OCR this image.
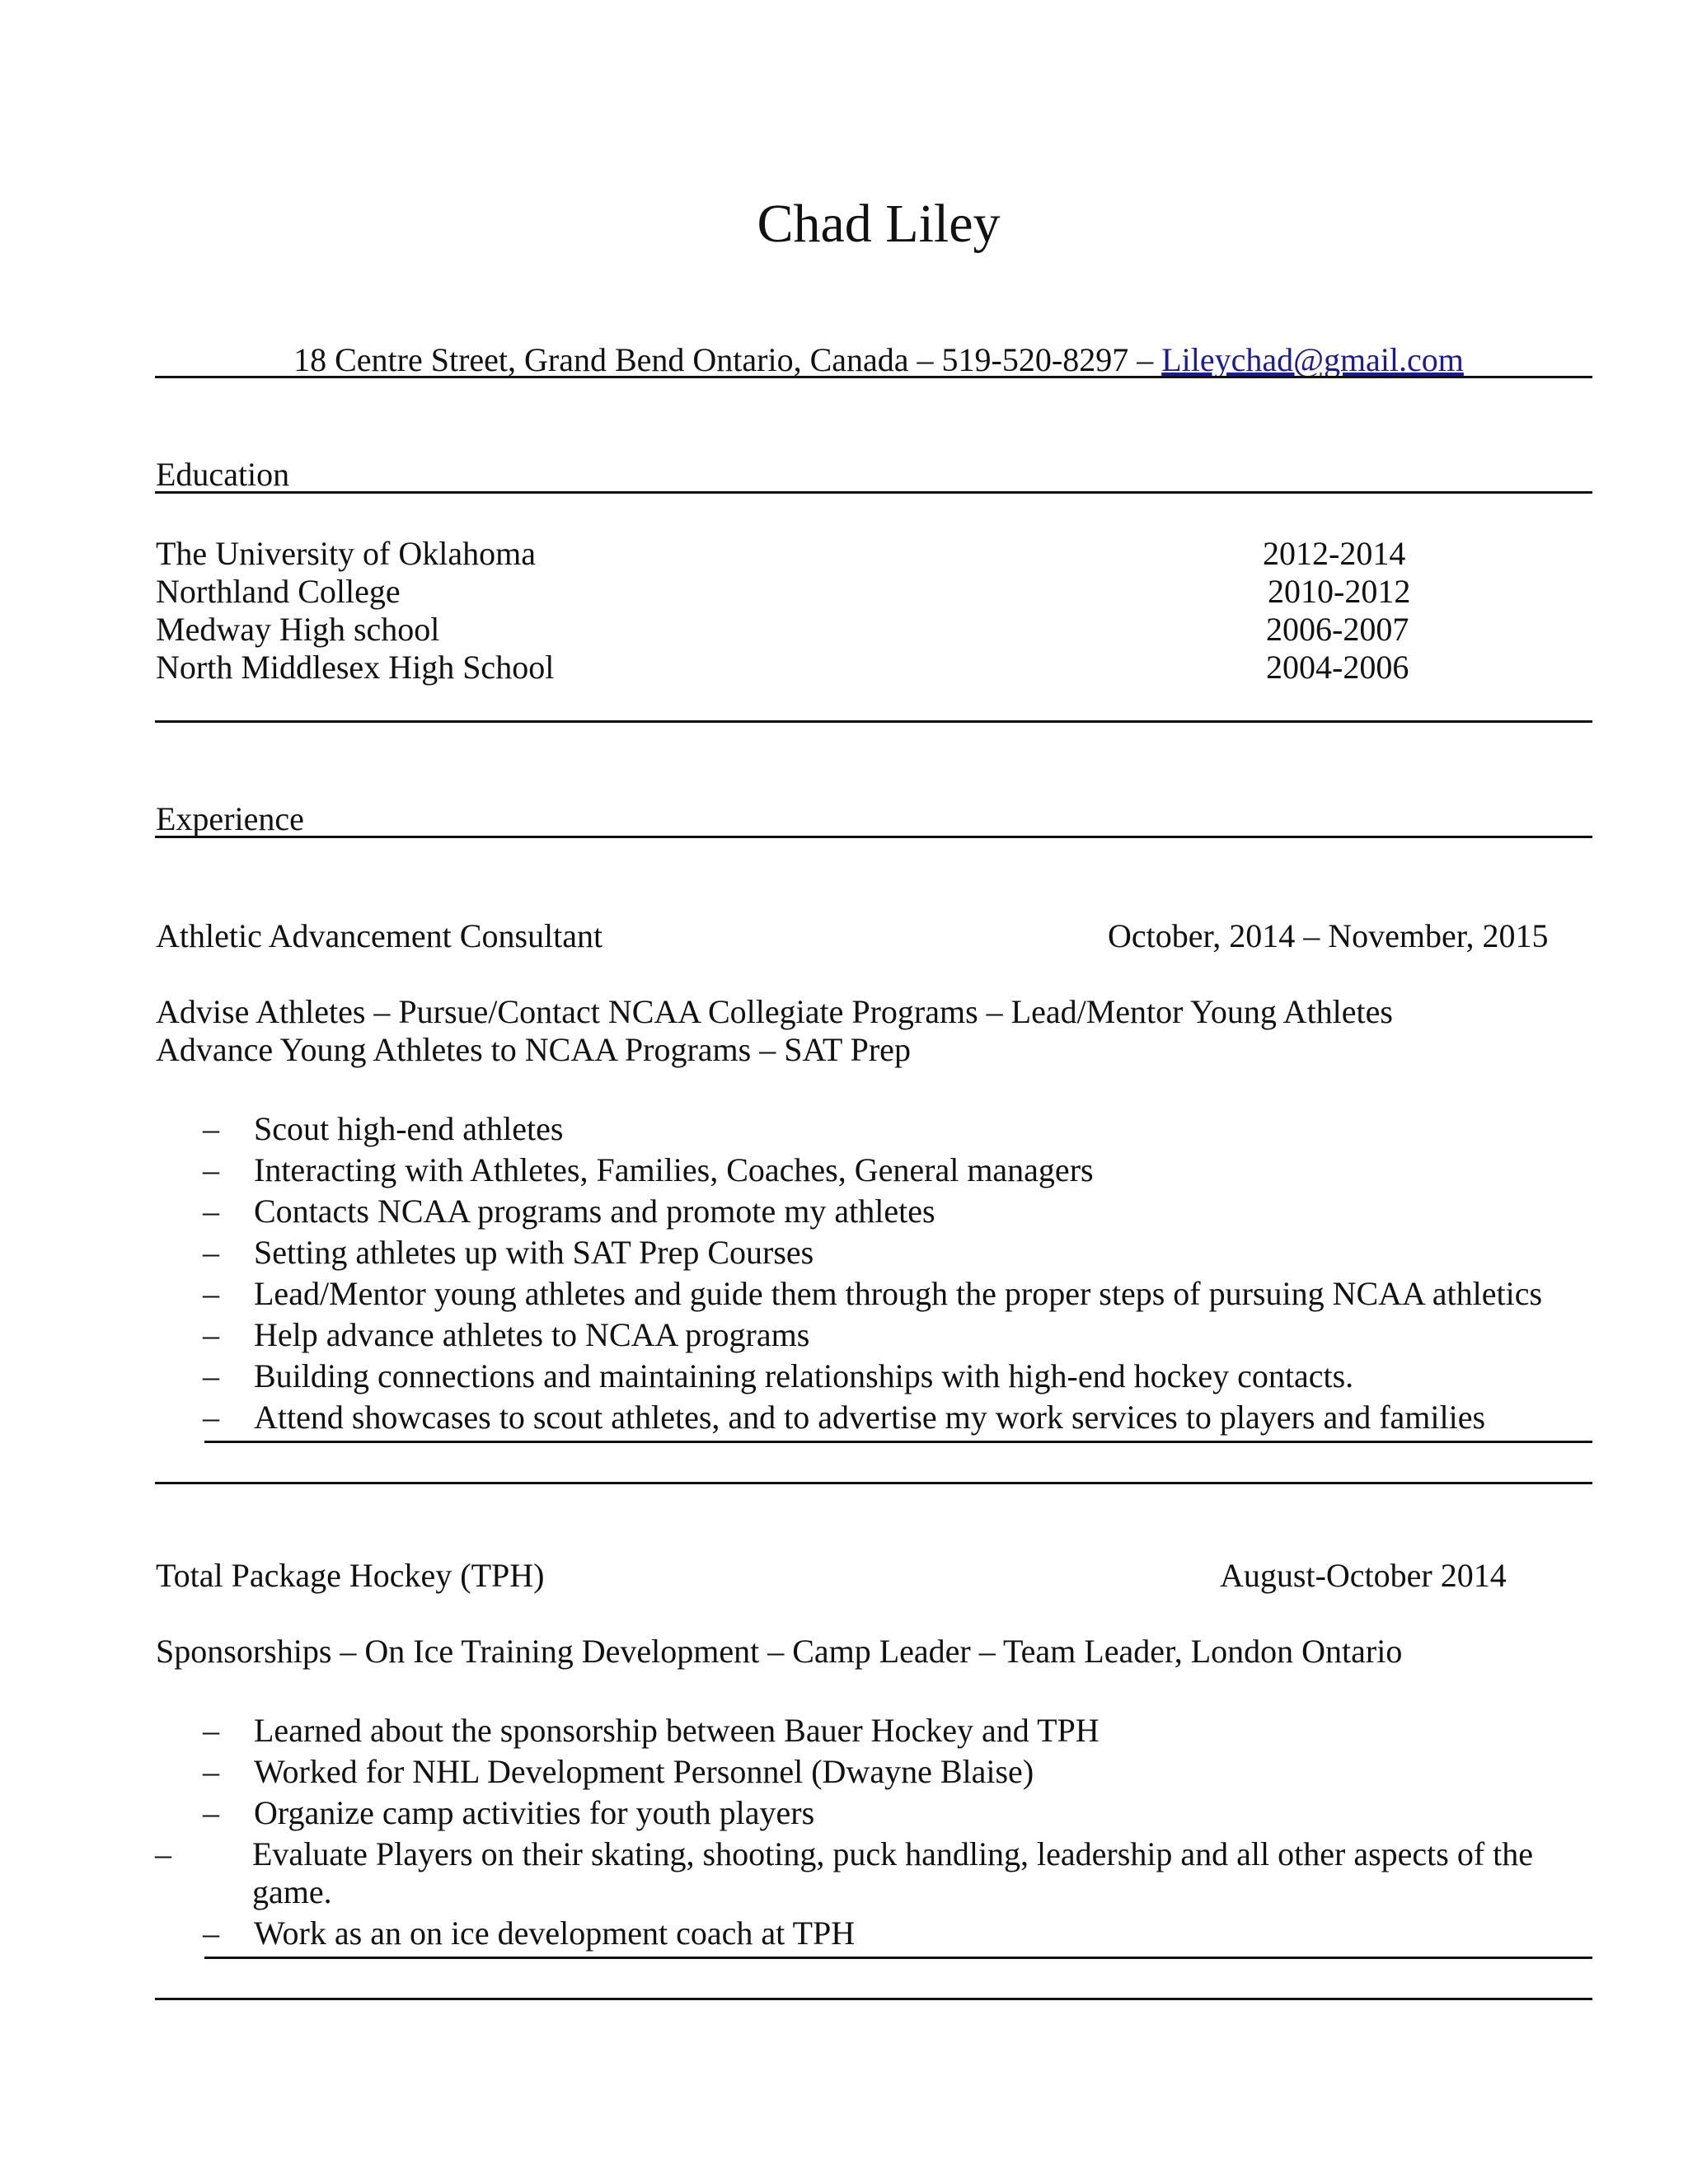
Chad Liley
18 Centre Street, Grand Bend Ontario, Canada – 519-520-8297 – Lileychad@gmail.com
Education
The University of Oklahoma	2012-2014
Northland College	2010-2012
Medway High school	2006-2007
North Middlesex High School	2004-2006
Experience
Athletic Advancement Consultant	October, 2014 – November, 2015
Advise Athletes – Pursue/Contact NCAA Collegiate Programs – Lead/Mentor Young Athletes
Advance Young Athletes to NCAA Programs – SAT Prep
– Scout high-end athletes
– Interacting with Athletes, Families, Coaches, General managers
– Contacts NCAA programs and promote my athletes
– Setting athletes up with SAT Prep Courses
– Lead/Mentor young athletes and guide them through the proper steps of pursuing NCAA athletics
– Help advance athletes to NCAA programs
– Building connections and maintaining relationships with high-end hockey contacts.
– Attend showcases to scout athletes, and to advertise my work services to players and families
Total Package Hockey (TPH)	August-October 2014
Sponsorships – On Ice Training Development – Camp Leader – Team Leader, London Ontario
– Learned about the sponsorship between Bauer Hockey and TPH
– Worked for NHL Development Personnel (Dwayne Blaise)
– Organize camp activities for youth players
– Evaluate Players on their skating, shooting, puck handling, leadership and all other aspects of the
game.
– Work as an on ice development coach at TPH
